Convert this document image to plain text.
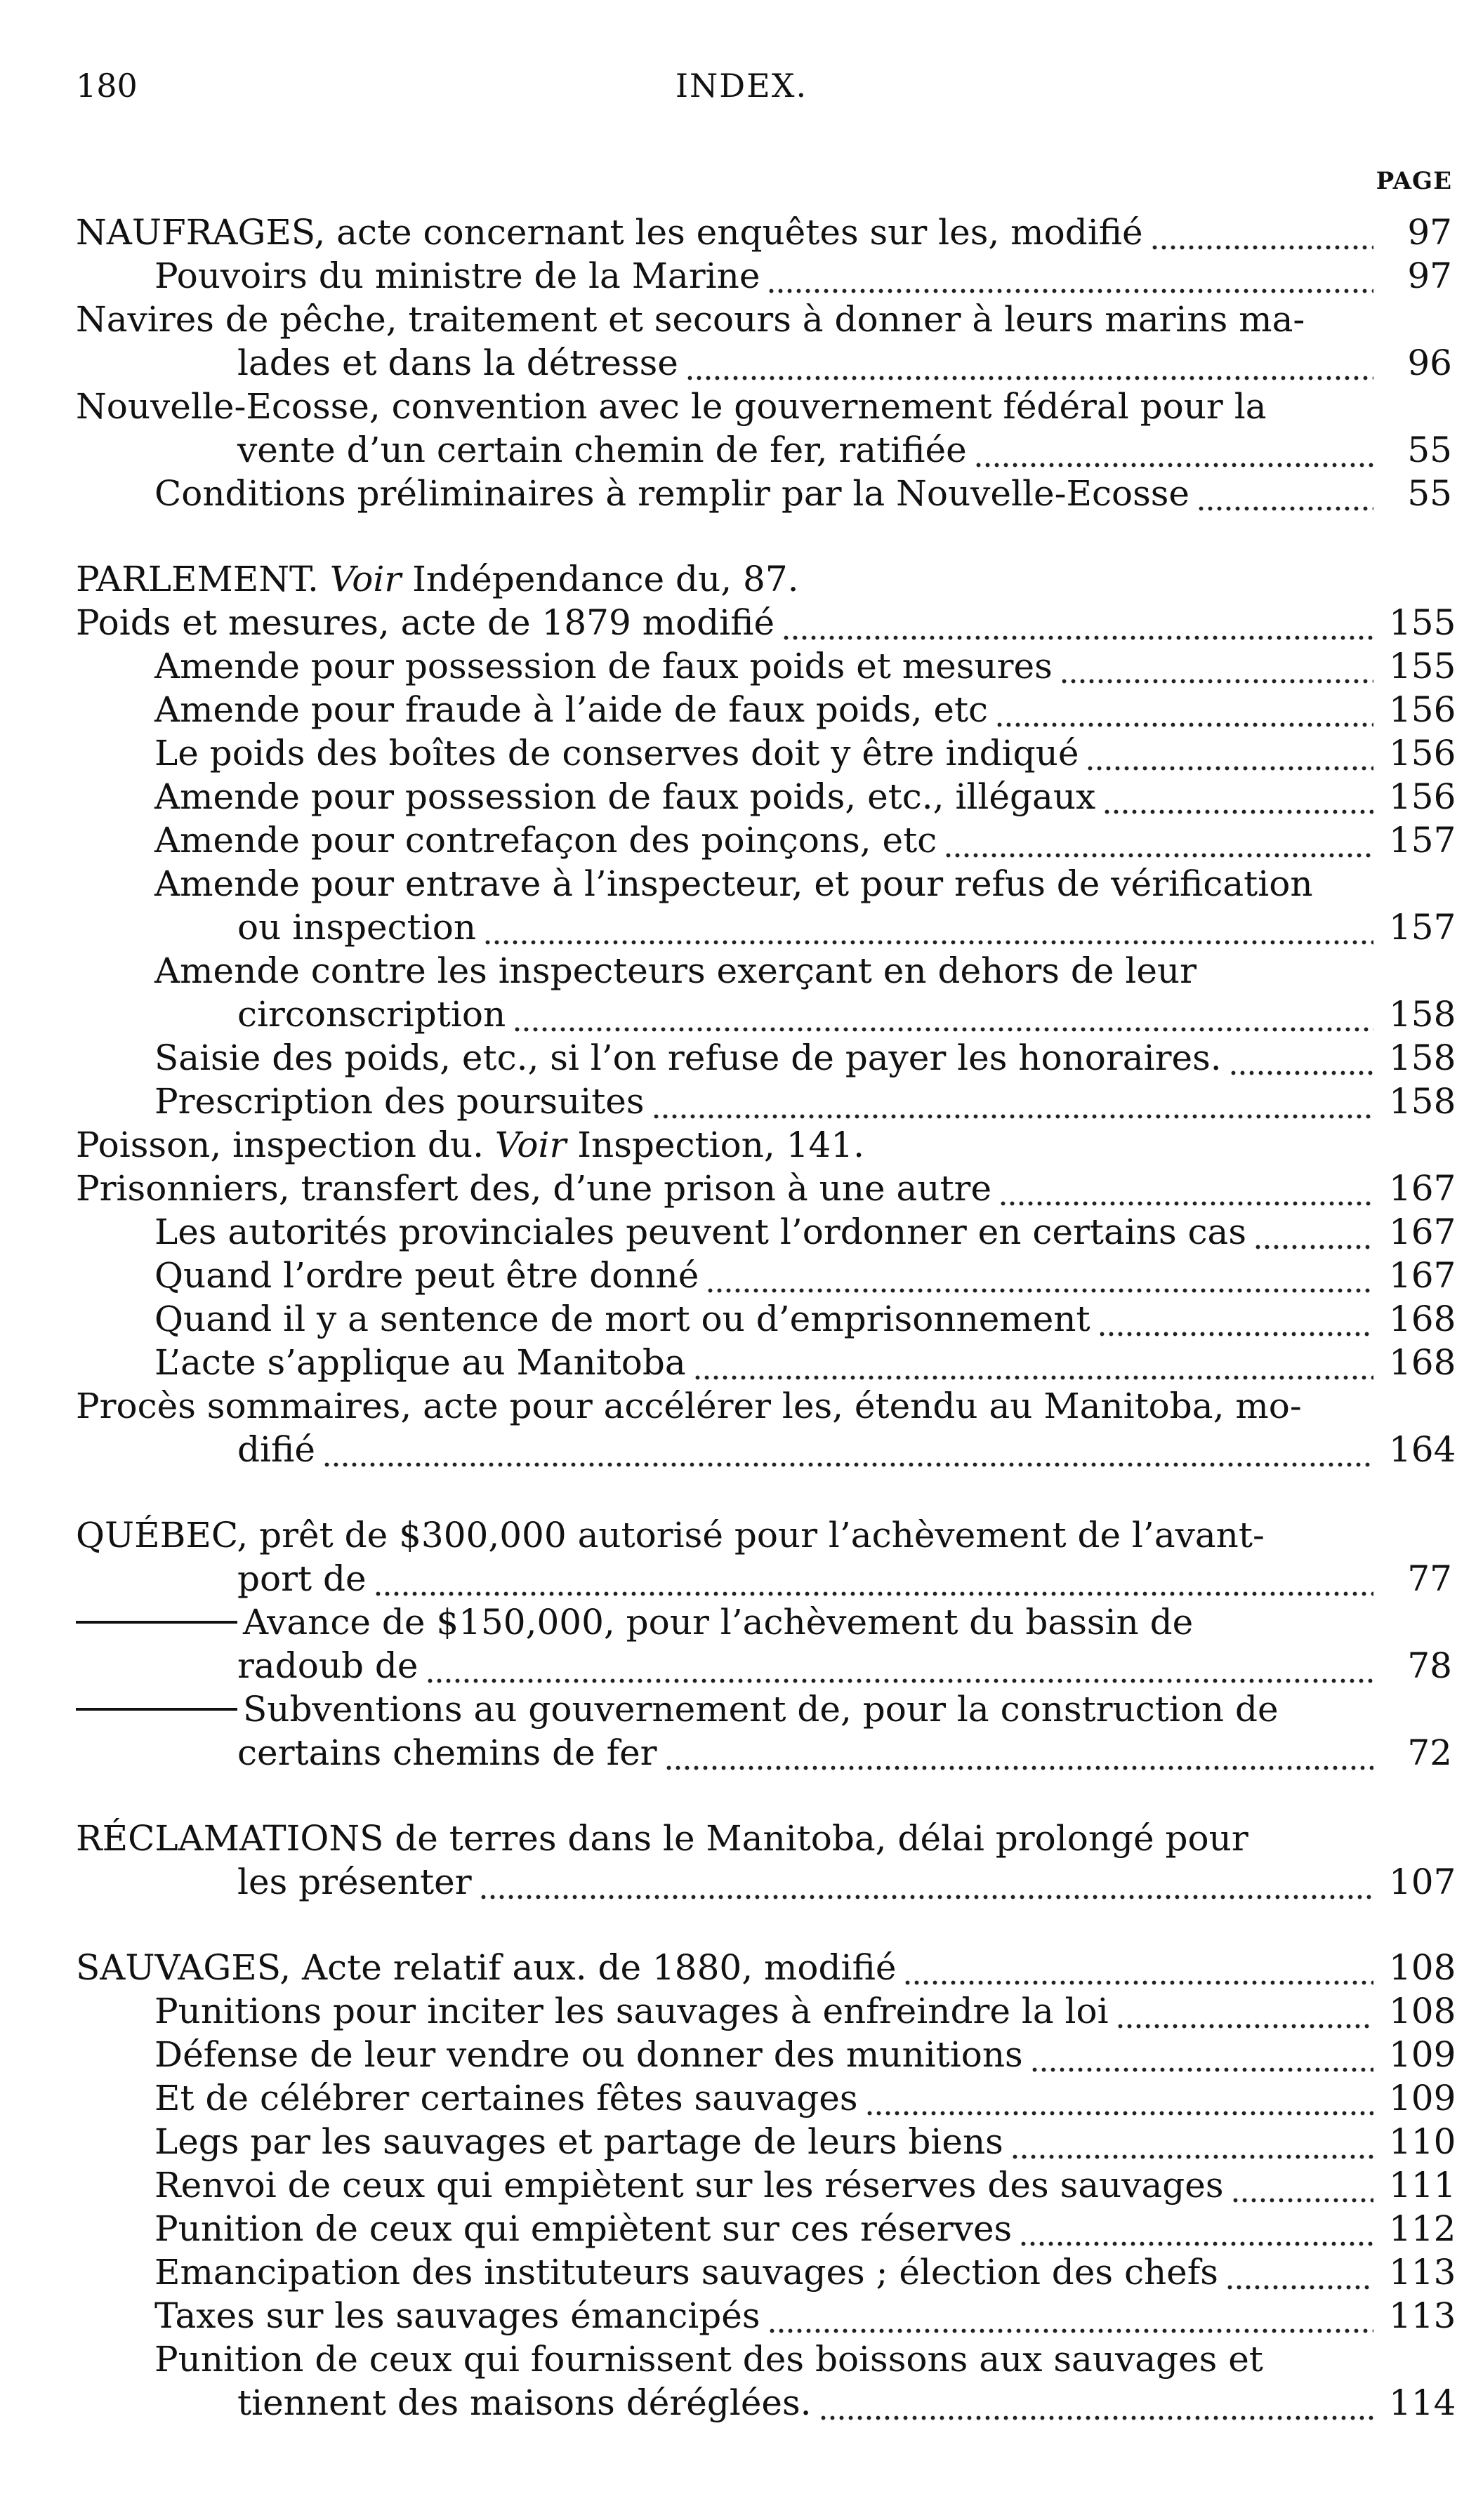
180	INDEX.
PAGE
NAUFRAGES, acte concernant les enquêtes sur les, modifié	97
Pouvoirs du ministre de la Marine	97
Navires de pêche, traitement et secours à donner à leurs marins ma-
lades et dans la détresse	96
Nouvelle-Ecosse, convention avec le gouvernement fédéral pour la
vente d’un certain chemin de fer, ratifiée	55
Conditions préliminaires à remplir par la Nouvelle-Ecosse	55
PARLEMENT. Voir Indépendance du, 87.
Poids et mesures, acte de 1879 modifié	155
Amende pour possession de faux poids et mesures	155
Amende pour fraude à l’aide de faux poids, etc	156
Le poids des boîtes de conserves doit y être indiqué	156
Amende pour possession de faux poids, etc., illégaux	156
Amende pour contrefaçon des poinçons, etc	157
Amende pour entrave à l’inspecteur, et pour refus de vérification
ou inspection	157
Amende contre les inspecteurs exerçant en dehors de leur
circonscription	158
Saisie des poids, etc., si l’on refuse de payer les honoraires.	158
Prescription des poursuites	158
Poisson, inspection du. Voir Inspection, 141.
Prisonniers, transfert des, d’une prison à une autre	167
Les autorités provinciales peuvent l’ordonner en certains cas	167
Quand l’ordre peut être donné	167
Quand il y a sentence de mort ou d’emprisonnement	168
L’acte s’applique au Manitoba	168
Procès sommaires, acte pour accélérer les, étendu au Manitoba, mo-
difié	164
QUÉBEC, prêt de $300,000 autorisé pour l’achèvement de l’avant-
port de	77
Avance de $150,000, pour l’achèvement du bassin de
radoub de	78
Subventions au gouvernement de, pour la construction de
certains chemins de fer	72
RÉCLAMATIONS de terres dans le Manitoba, délai prolongé pour
les présenter	107
SAUVAGES, Acte relatif aux. de 1880, modifié	108
Punitions pour inciter les sauvages à enfreindre la loi	108
Défense de leur vendre ou donner des munitions	109
Et de célébrer certaines fêtes sauvages	109
Legs par les sauvages et partage de leurs biens	110
Renvoi de ceux qui empiètent sur les réserves des sauvages	111
Punition de ceux qui empiètent sur ces réserves	112
Emancipation des instituteurs sauvages ; élection des chefs	113
Taxes sur les sauvages émancipés	113
Punition de ceux qui fournissent des boissons aux sauvages et
tiennent des maisons déréglées.	114
